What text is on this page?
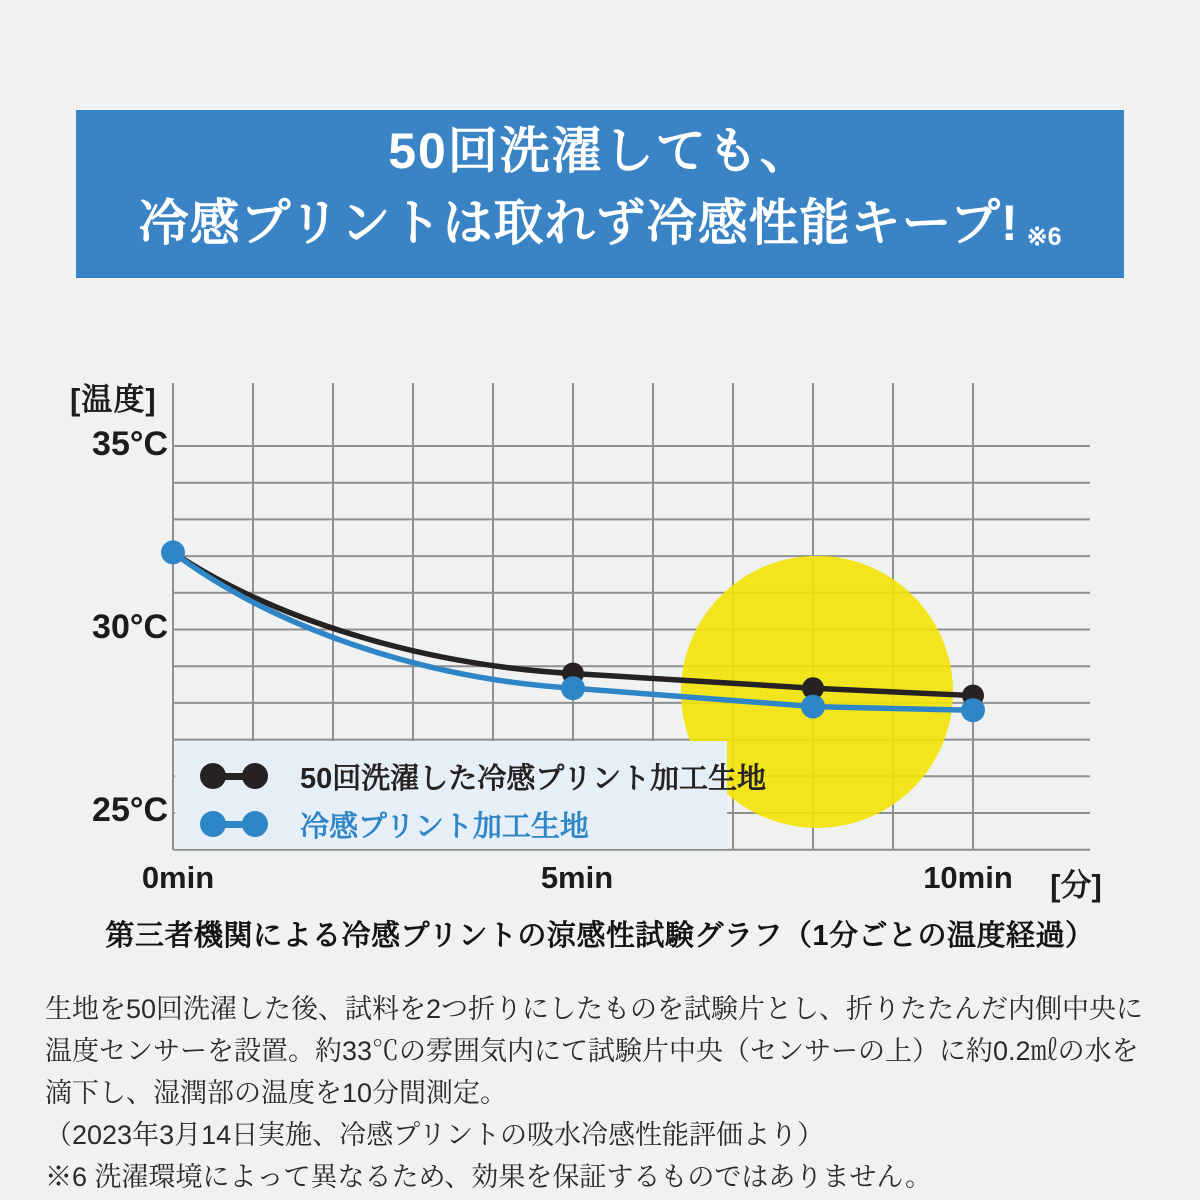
50回洗濯しても、
冷感プリントは取れず冷感性能キープ! ※6
[温度]
35°C
30°C
25°C
0min	5min	10min	[分]
50回洗濯した冷感プリント加工生地
冷感プリント加工生地
第三者機関による冷感プリントの涼感性試験グラフ（1分ごとの温度経過）

生地を50回洗濯した後、試料を2つ折りにしたものを試験片とし、折りたたんだ内側中央に温度センサーを設置。約33℃の雰囲気内にて試験片中央（センサーの上）に約0.2㎖の水を滴下し、湿潤部の温度を10分間測定。

（2023年3月14日実施、冷感プリントの吸水冷感性能評価より）

※6 洗濯環境によって異なるため、効果を保証するものではありません。
